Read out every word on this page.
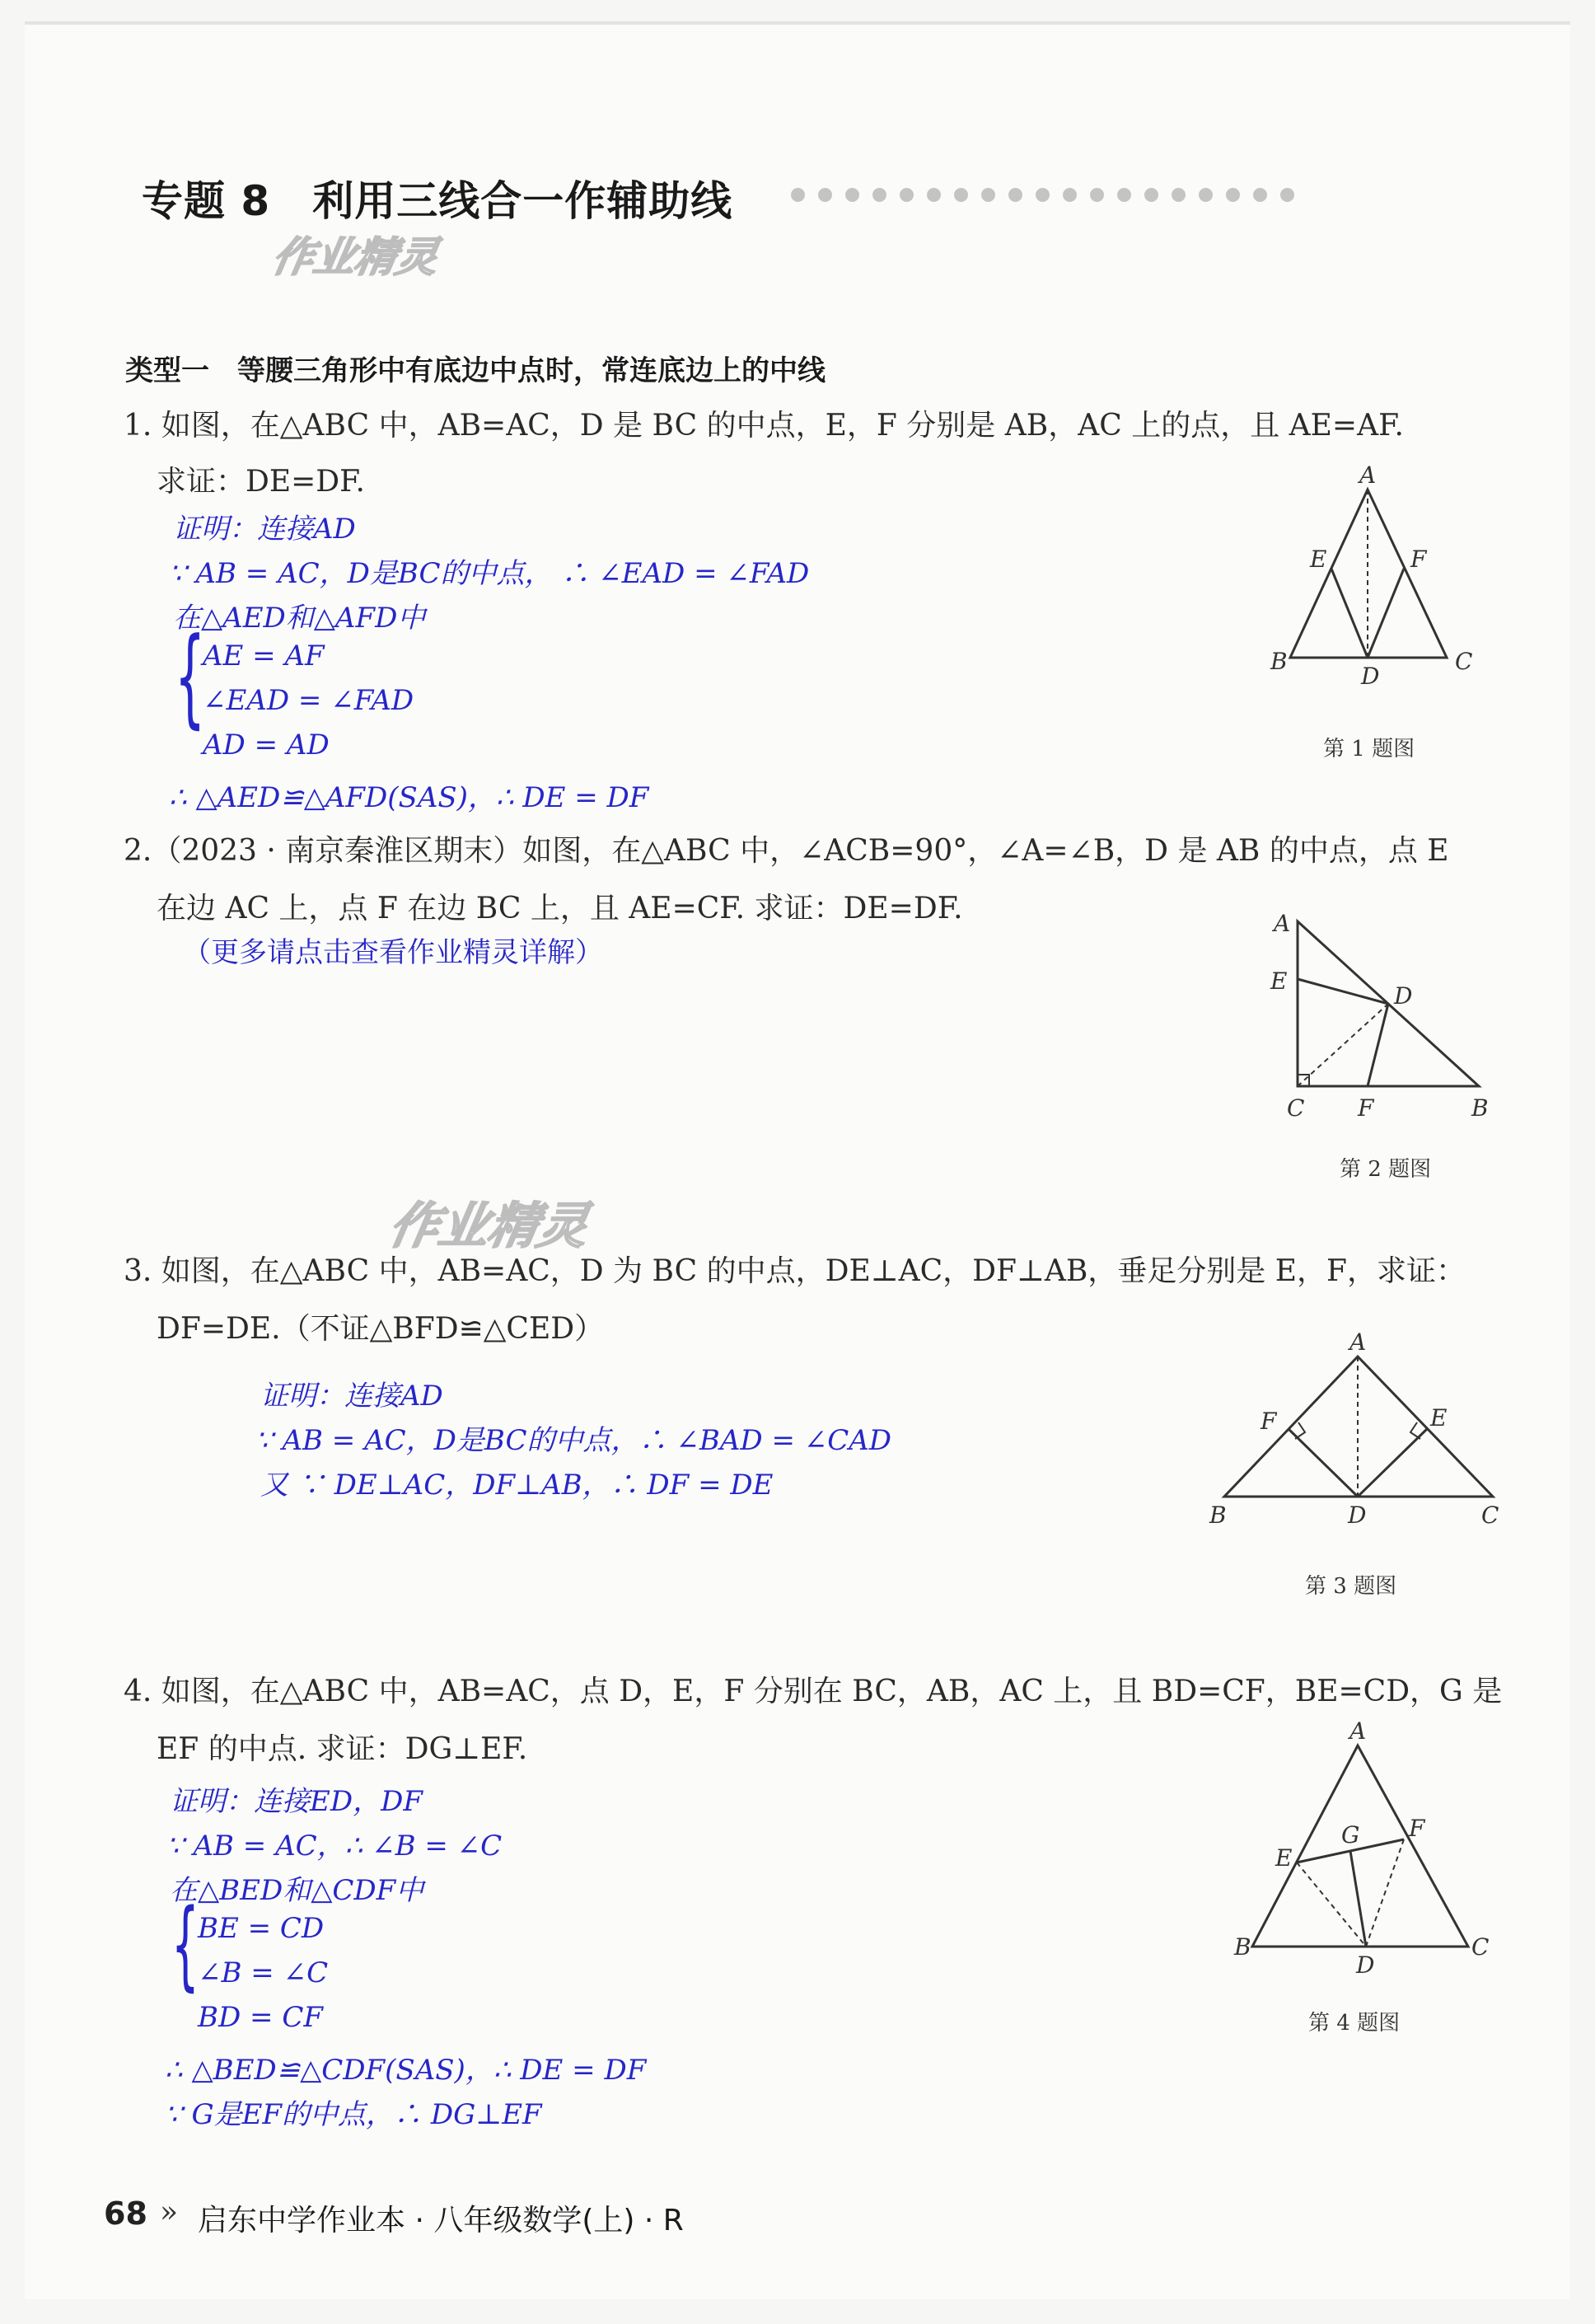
专题 8　利用三线合一作辅助线
作业精灵
类型一　等腰三角形中有底边中点时，常连底边上的中线
1. 如图，在△ABC 中，AB=AC，D 是 BC 的中点，E，F 分别是 AB，AC 上的点，且 AE=AF.
求证：DE=DF.
证明：连接AD
∵ AB = AC，D是BC的中点， ∴ ∠EAD = ∠FAD
在△AED和△AFD中
{
AE = AF
∠EAD = ∠FAD
AD = AD
∴ △AED≌△AFD(SAS)，∴ DE = DF
A
B	C
D
E	F
第 1 题图
2.（2023 · 南京秦淮区期末）如图，在△ABC 中，∠ACB=90°，∠A=∠B，D 是 AB 的中点，点 E
在边 AC 上，点 F 在边 BC 上，且 AE=CF. 求证：DE=DF.
（更多请点击查看作业精灵详解）
A
E
D
C F	B
第 2 题图
作业精灵
3. 如图，在△ABC 中，AB=AC，D 为 BC 的中点，DE⊥AC，DF⊥AB，垂足分别是 E，F，求证：
DF=DE.（不证△BFD≌△CED）
证明：连接AD
∵ AB = AC，D是BC的中点，∴ ∠BAD = ∠CAD
又 ∵ DE⊥AC，DF⊥AB，∴ DF = DE
A
F	E
B	D	C
第 3 题图
4. 如图，在△ABC 中，AB=AC，点 D，E，F 分别在 BC，AB，AC 上，且 BD=CF，BE=CD，G 是
EF 的中点. 求证：DG⊥EF.
证明：连接ED，DF
∵ AB = AC，∴ ∠B = ∠C
在△BED和△CDF中
{
BE = CD
∠B = ∠C
BD = CF
∴ △BED≌△CDF(SAS)，∴ DE = DF
∵ G是EF的中点，∴ DG⊥EF
A
G F
E
B
D
C
第 4 题图
68 » 启东中学作业本 · 八年级数学(上) · R
